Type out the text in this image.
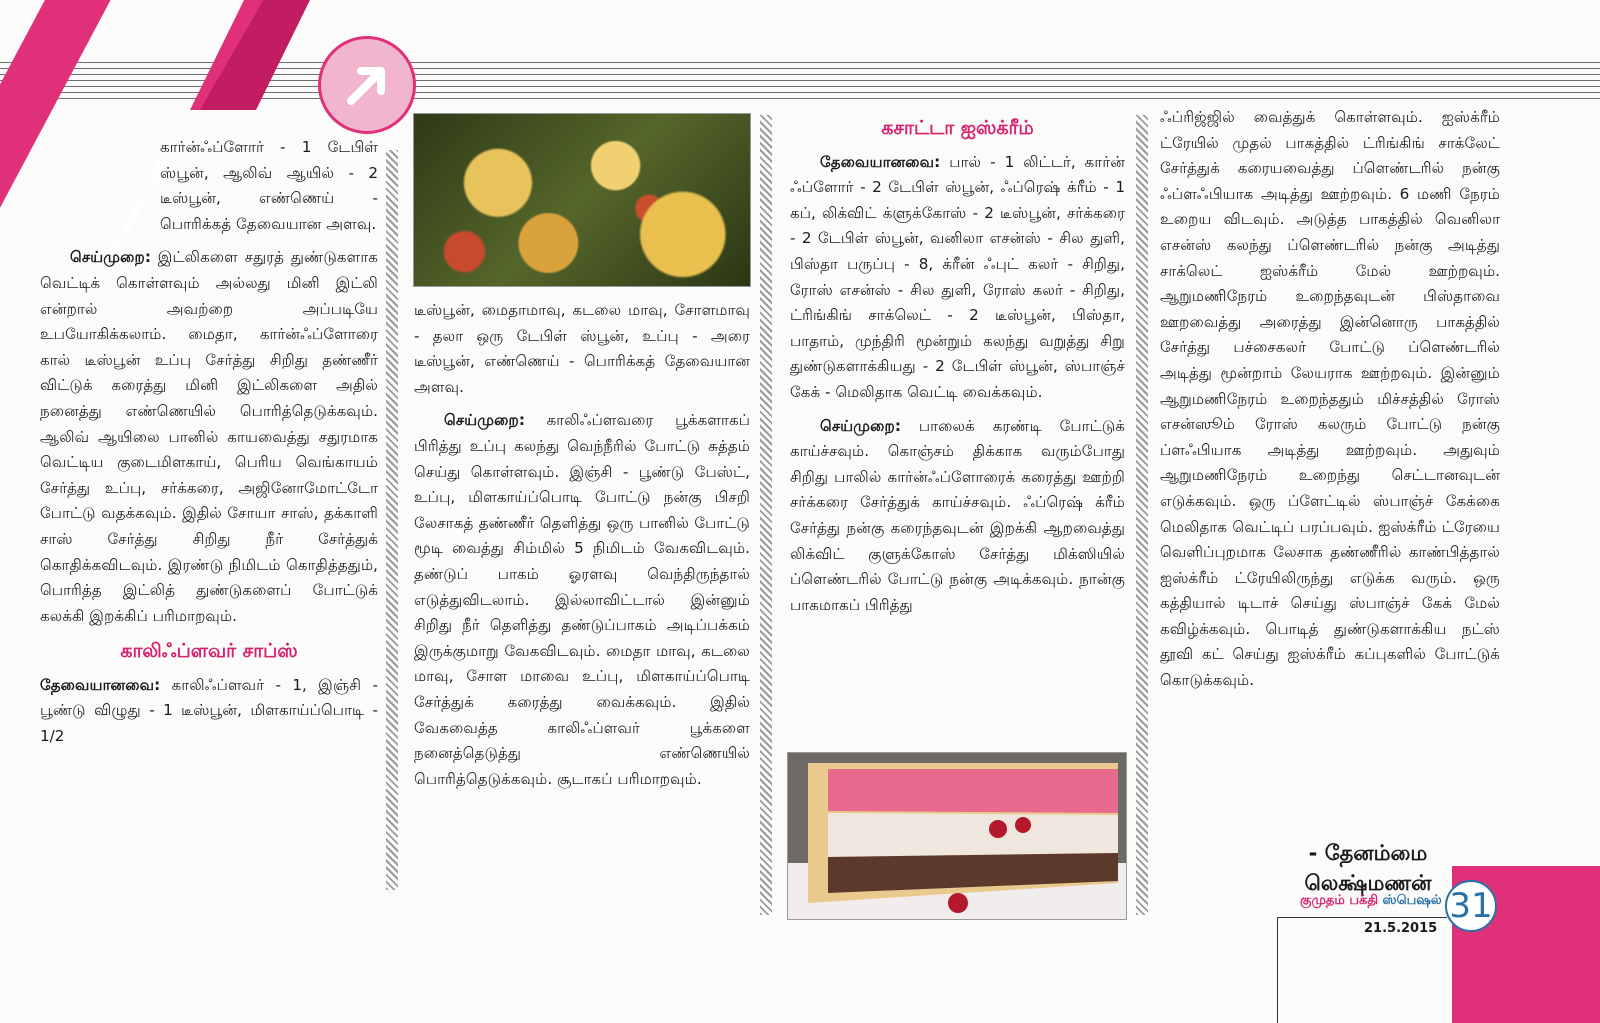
பெண்கள் பகுதி

கார்ன்ஃப்ளோர் - 1 டேபிள் ஸ்பூன், ஆலிவ் ஆயில் - 2 டீஸ்பூன், எண்ணெய் - பொரிக்கத் தேவையான அளவு.

செய்முறை: இட்லிகளை சதுரத் துண்டுகளாக வெட்டிக் கொள்ளவும் அல்லது மினி இட்லி என்றால் அவற்றை அப்படியே உபயோகிக்கலாம். மைதா, கார்ன்ஃப்ளோரை கால் டீஸ்பூன் உப்பு சேர்த்து சிறிது தண்ணீர் விட்டுக் கரைத்து மினி இட்லிகளை அதில் நனைத்து எண்ணெயில் பொரித்தெடுக்கவும். ஆலிவ் ஆயிலை பானில் காயவைத்து சதுரமாக வெட்டிய குடைமிளகாய், பெரிய வெங்காயம் சேர்த்து உப்பு, சர்க்கரை, அஜினோமோட்டோ போட்டு வதக்கவும். இதில் சோயா சாஸ், தக்காளி சாஸ் சேர்த்து சிறிது நீர் சேர்த்துக் கொதிக்கவிடவும். இரண்டு நிமிடம் கொதித்ததும், பொரித்த இட்லித் துண்டுகளைப் போட்டுக் கலக்கி இறக்கிப் பரிமாறவும்.

காலிஃப்ளவர் சாப்ஸ்

தேவையானவை: காலிஃப்ளவர் - 1, இஞ்சி - பூண்டு விழுது - 1 டீஸ்பூன், மிளகாய்ப்பொடி - 1/2

டீஸ்பூன், மைதாமாவு, கடலை மாவு, சோளமாவு - தலா ஒரு டேபிள் ஸ்பூன், உப்பு - அரை டீஸ்பூன், எண்ணெய் - பொரிக்கத் தேவையான அளவு.

செய்முறை: காலிஃப்ளவரை பூக்களாகப் பிரித்து உப்பு கலந்து வெந்நீரில் போட்டு சுத்தம் செய்து கொள்ளவும். இஞ்சி - பூண்டு பேஸ்ட், உப்பு, மிளகாய்ப்பொடி போட்டு நன்கு பிசறி லேசாகத் தண்ணீர் தெளித்து ஒரு பானில் போட்டு மூடி வைத்து சிம்மில் 5 நிமிடம் வேகவிடவும். தண்டுப் பாகம் ஓரளவு வெந்திருந்தால் எடுத்துவிடலாம். இல்லாவிட்டால் இன்னும் சிறிது நீர் தெளித்து தண்டுப்பாகம் அடிப்பக்கம் இருக்குமாறு வேகவிடவும். மைதா மாவு, கடலை மாவு, சோள மாவை உப்பு, மிளகாய்ப்பொடி சேர்த்துக் கரைத்து வைக்கவும். இதில் வேகவைத்த காலிஃப்ளவர் பூக்களை நனைத்தெடுத்து எண்ணெயில் பொரித்தெடுக்கவும். சூடாகப் பரிமாறவும்.

கசாட்டா ஐஸ்க்ரீம்

தேவையானவை: பால் - 1 லிட்டர், கார்ன் ஃப்ளோர் - 2 டேபிள் ஸ்பூன், ஃப்ரெஷ் க்ரீம் - 1 கப், லிக்விட் க்ளுக்கோஸ் - 2 டீஸ்பூன், சர்க்கரை - 2 டேபிள் ஸ்பூன், வனிலா எசன்ஸ் - சில துளி, பிஸ்தா பருப்பு - 8, க்ரீன் ஃபுட் கலர் - சிறிது, ரோஸ் எசன்ஸ் - சில துளி, ரோஸ் கலர் - சிறிது, ட்ரிங்கிங் சாக்லெட் - 2 டீஸ்பூன், பிஸ்தா, பாதாம், முந்திரி மூன்றும் கலந்து வறுத்து சிறு துண்டுகளாக்கியது - 2 டேபிள் ஸ்பூன், ஸ்பாஞ்ச் கேக் - மெலிதாக வெட்டி வைக்கவும்.

செய்முறை: பாலைக் கரண்டி போட்டுக் காய்ச்சவும். கொஞ்சம் திக்காக வரும்போது சிறிது பாலில் கார்ன்ஃப்ளோரைக் கரைத்து ஊற்றி சர்க்கரை சேர்த்துக் காய்ச்சவும். ஃப்ரெஷ் க்ரீம் சேர்த்து நன்கு கரைந்தவுடன் இறக்கி ஆறவைத்து லிக்விட் குளுக்கோஸ் சேர்த்து மிக்ஸியில் ப்ளெண்டரில் போட்டு நன்கு அடிக்கவும். நான்கு பாகமாகப் பிரித்து

ஃப்ரிஜ்ஜில் வைத்துக் கொள்ளவும். ஐஸ்க்ரீம் ட்ரேயில் முதல் பாகத்தில் ட்ரிங்கிங் சாக்லேட் சேர்த்துக் கரையவைத்து ப்ளெண்டரில் நன்கு ஃப்ளஃபியாக அடித்து ஊற்றவும். 6 மணி நேரம் உறைய விடவும். அடுத்த பாகத்தில் வெனிலா எசன்ஸ் கலந்து ப்ளெண்டரில் நன்கு அடித்து சாக்லெட் ஐஸ்க்ரீம் மேல் ஊற்றவும். ஆறுமணிநேரம் உறைந்தவுடன் பிஸ்தாவை ஊறவைத்து அரைத்து இன்னொரு பாகத்தில் சேர்த்து பச்சைகலர் போட்டு ப்ளெண்டரில் அடித்து மூன்றாம் லேயராக ஊற்றவும். இன்னும் ஆறுமணிநேரம் உறைந்ததும் மிச்சத்தில் ரோஸ் எசன்ஸூம் ரோஸ் கலரும் போட்டு நன்கு ப்ளஃபியாக அடித்து ஊற்றவும். அதுவும் ஆறுமணிநேரம் உறைந்து செட்டானவுடன் எடுக்கவும். ஒரு ப்ளேட்டில் ஸ்பாஞ்ச் கேக்கை மெலிதாக வெட்டிப் பரப்பவும். ஐஸ்க்ரீம் ட்ரேயை வெளிப்புறமாக லேசாக தண்ணீரில் காண்பித்தால் ஐஸ்க்ரீம் ட்ரேயிலிருந்து எடுக்க வரும். ஒரு கத்தியால் டிடாச் செய்து ஸ்பாஞ்ச் கேக் மேல் கவிழ்க்கவும். பொடித் துண்டுகளாக்கிய நட்ஸ் தூவி கட் செய்து ஐஸ்க்ரீம் கப்புகளில் போட்டுக் கொடுக்கவும்.

- தேனம்மை
லெக்ஷ்மணன்
குமுதம் பக்தி ஸ்பெஷல் 31
21.5.2015
